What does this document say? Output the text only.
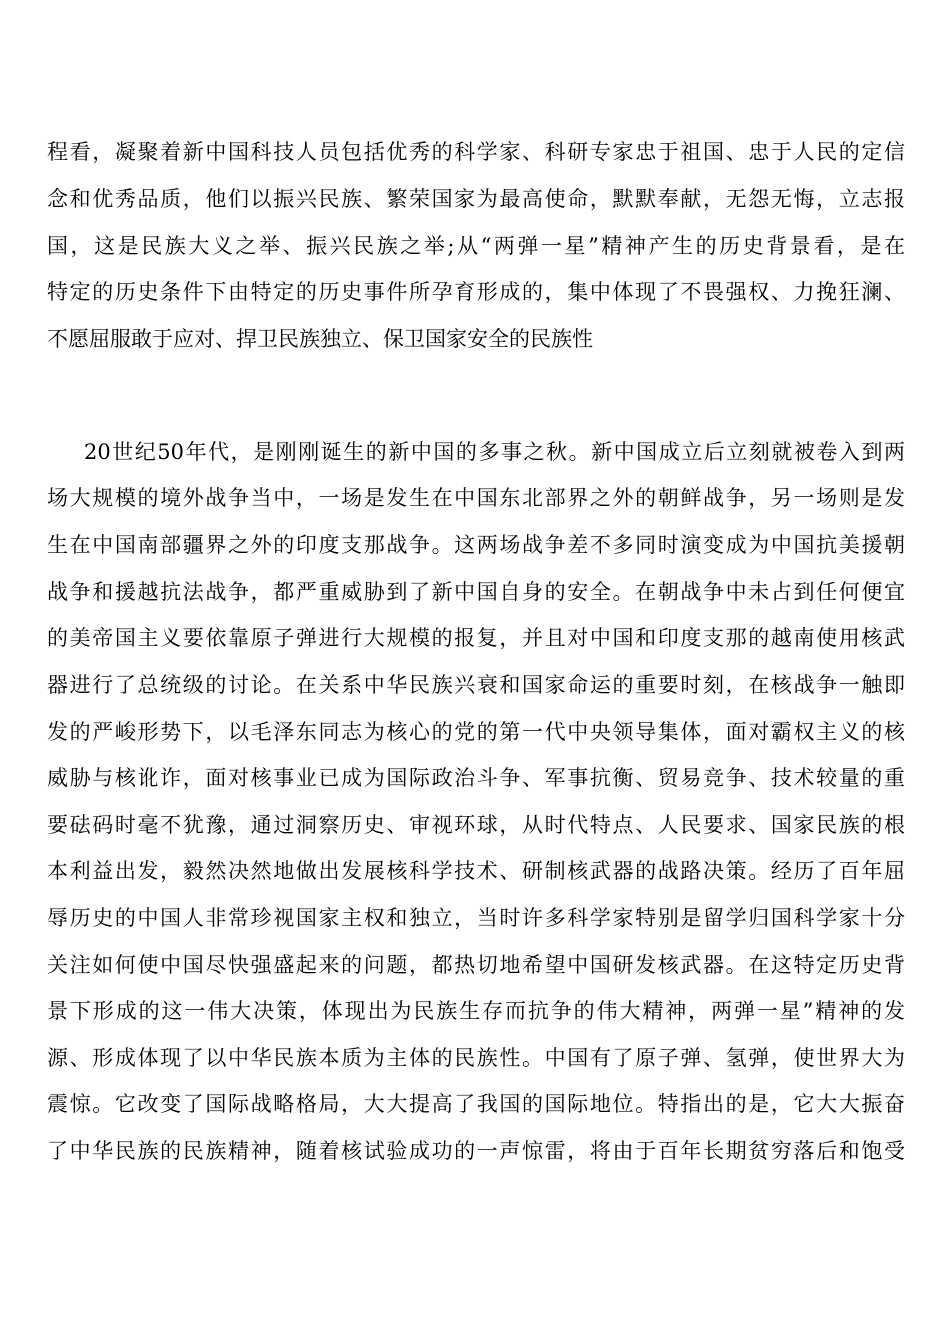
程看，凝聚着新中国科技人员包括优秀的科学家、科研专家忠于祖国、忠于人民的定信
念和优秀品质，他们以振兴民族、繁荣国家为最高使命，默默奉献，无怨无悔，立志报
国，这是民族大义之举、振兴民族之举;从“两弹一星”精神产生的历史背景看，是在
特定的历史条件下由特定的历史事件所孕育形成的，集中体现了不畏强权、力挽狂澜、
不愿屈服敢于应对、捍卫民族独立、保卫国家安全的民族性
20世纪50年代，是刚刚诞生的新中国的多事之秋。新中国成立后立刻就被卷入到两
场大规模的境外战争当中，一场是发生在中国东北部界之外的朝鲜战争，另一场则是发
生在中国南部疆界之外的印度支那战争。这两场战争差不多同时演变成为中国抗美援朝
战争和援越抗法战争，都严重威胁到了新中国自身的安全。在朝战争中未占到任何便宜
的美帝国主义要依靠原子弹进行大规模的报复，并且对中国和印度支那的越南使用核武
器进行了总统级的讨论。在关系中华民族兴衰和国家命运的重要时刻，在核战争一触即
发的严峻形势下，以毛泽东同志为核心的党的第一代中央领导集体，面对霸权主义的核
威胁与核讹诈，面对核事业已成为国际政治斗争、军事抗衡、贸易竞争、技术较量的重
要砝码时毫不犹豫，通过洞察历史、审视环球，从时代特点、人民要求、国家民族的根
本利益出发，毅然决然地做出发展核科学技术、研制核武器的战路决策。经历了百年屈
辱历史的中国人非常珍视国家主权和独立，当时许多科学家特别是留学归国科学家十分
关注如何使中国尽快强盛起来的问题，都热切地希望中国研发核武器。在这特定历史背
景下形成的这一伟大决策，体现出为民族生存而抗争的伟大精神，两弹一星”精神的发
源、形成体现了以中华民族本质为主体的民族性。中国有了原子弹、氢弹，使世界大为
震惊。它改变了国际战略格局，大大提高了我国的国际地位。特指出的是，它大大振奋
了中华民族的民族精神，随着核试验成功的一声惊雷，将由于百年长期贫穷落后和饱受
